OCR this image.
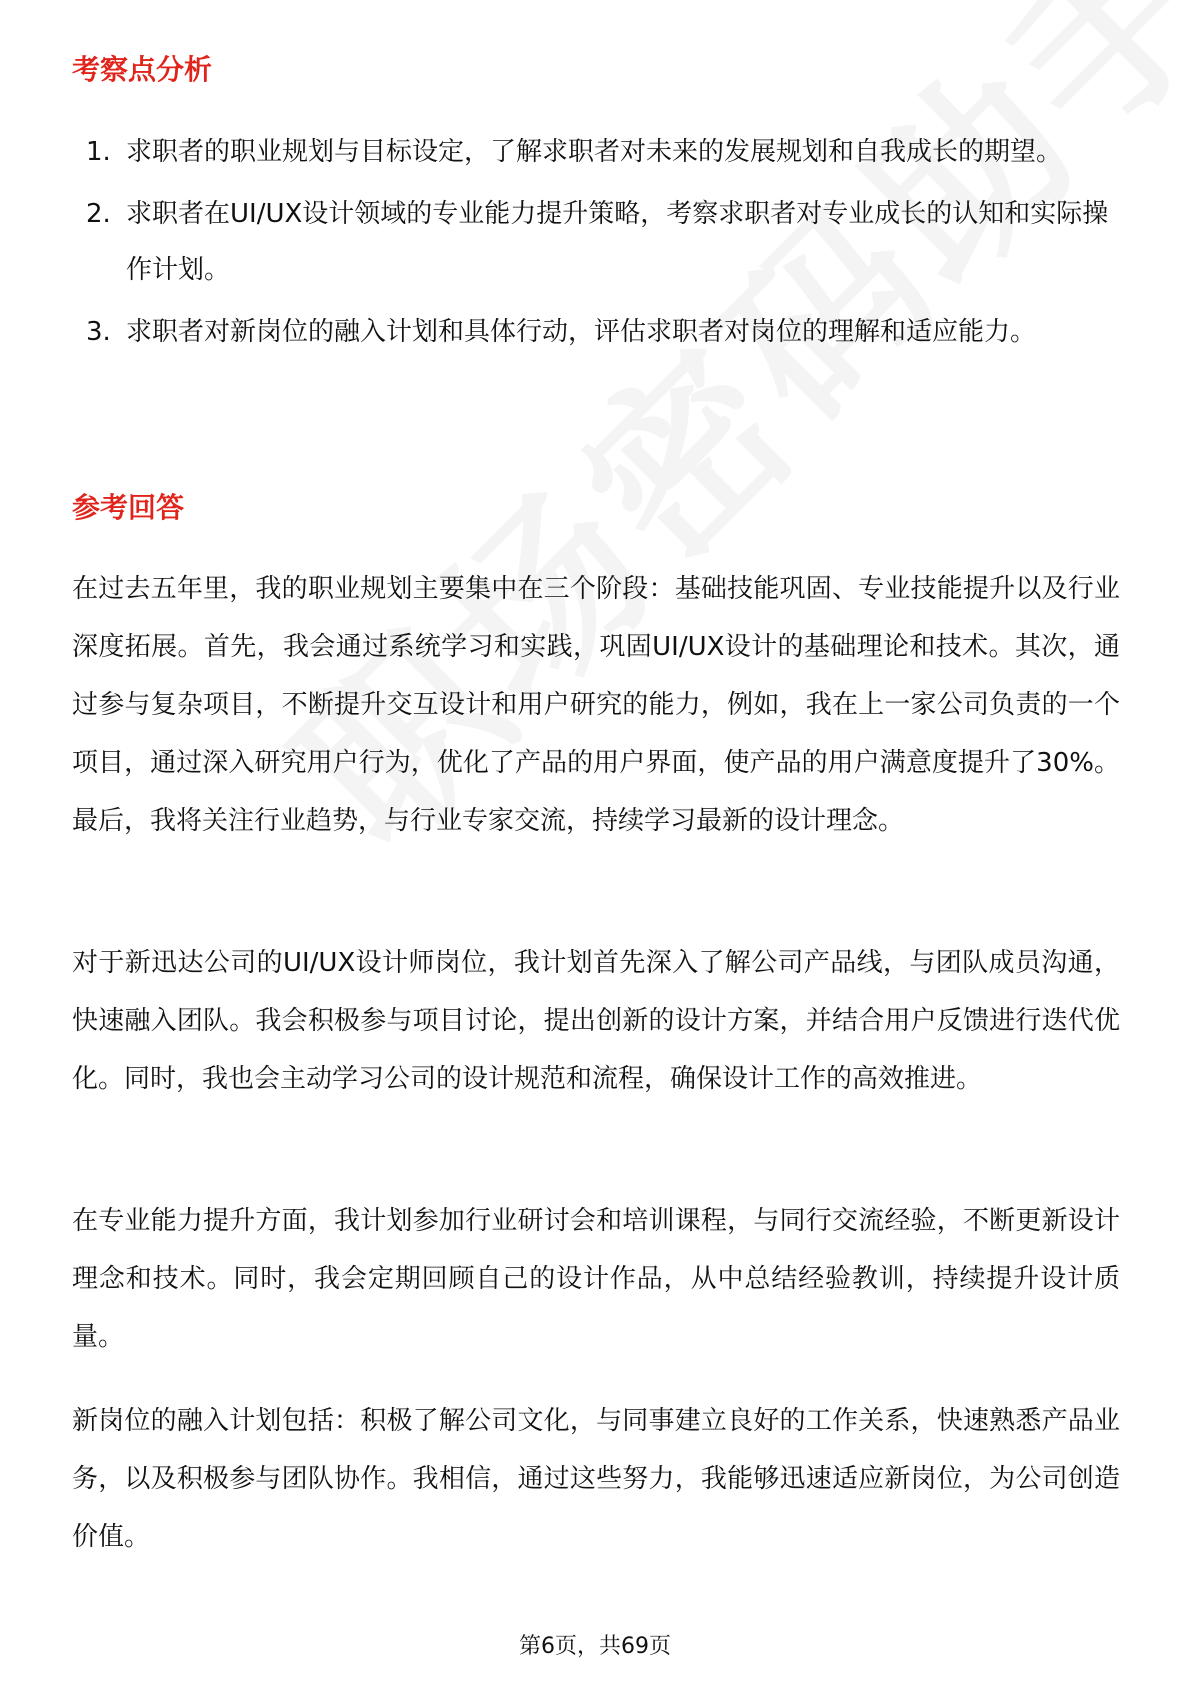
考察点分析
1. 求职者的职业规划与目标设定，了解求职者对未来的发展规划和自我成长的期望。
2. 求职者在UI/UX设计领域的专业能力提升策略，考察求职者对专业成长的认知和实际操作计划。
3. 求职者对新岗位的融入计划和具体行动，评估求职者对岗位的理解和适应能力。
参考回答

在过去五年里，我的职业规划主要集中在三个阶段：基础技能巩固、专业技能提升以及行业深度拓展。首先，我会通过系统学习和实践，巩固UI/UX设计的基础理论和技术。其次，通过参与复杂项目，不断提升交互设计和用户研究的能力，例如，我在上一家公司负责的一个项目，通过深入研究用户行为，优化了产品的用户界面，使产品的用户满意度提升了30%。最后，我将关注行业趋势，与行业专家交流，持续学习最新的设计理念。

对于新迅达公司的UI/UX设计师岗位，我计划首先深入了解公司产品线，与团队成员沟通，快速融入团队。我会积极参与项目讨论，提出创新的设计方案，并结合用户反馈进行迭代优化。同时，我也会主动学习公司的设计规范和流程，确保设计工作的高效推进。

在专业能力提升方面，我计划参加行业研讨会和培训课程，与同行交流经验，不断更新设计理念和技术。同时，我会定期回顾自己的设计作品，从中总结经验教训，持续提升设计质量。

新岗位的融入计划包括：积极了解公司文化，与同事建立良好的工作关系，快速熟悉产品业务，以及积极参与团队协作。我相信，通过这些努力，我能够迅速适应新岗位，为公司创造价值。

第6页，共69页
